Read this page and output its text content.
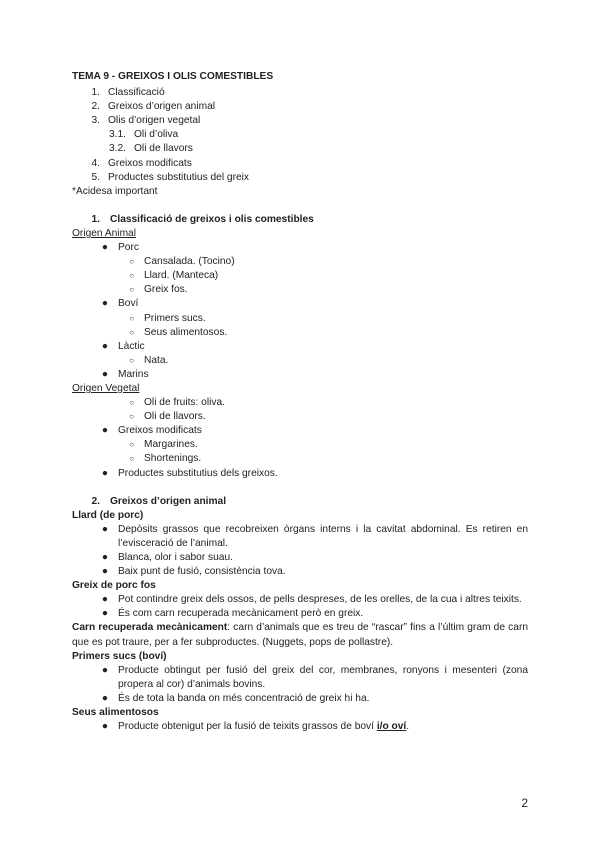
TEMA 9 - GREIXOS I OLIS COMESTIBLES
1. Classificació
2. Greixos d’origen animal
3. Olis d’origen vegetal
3.1. Oli d’oliva
3.2. Oli de llavors
4. Greixos modificats
5. Productes substitutius del greix
*Acidesa important
1. Classificació de greixos i olis comestibles
Origen Animal
● Porc
○ Cansalada. (Tocino)
○ Llard. (Manteca)
○ Greix fos.
● Boví
○ Primers sucs.
○ Seus alimentosos.
● Làctic
○ Nata.
● Marins
Origen Vegetal
○ Oli de fruits: oliva.
○ Oli de llavors.
● Greixos modificats
○ Margarines.
○ Shortenings.
● Productes substitutius dels greixos.
2. Greixos d’origen animal
Llard (de porc)
● Depòsits grassos que recobreixen òrgans interns i la cavitat abdominal. Es retiren en l’evisceració de l’animal.
● Blanca, olor i sabor suau.
● Baix punt de fusió, consistència tova.
Greix de porc fos
● Pot contindre greix dels ossos, de pells despreses, de les orelles, de la cua i altres teixits.
● És com carn recuperada mecànicament però en greix.
Carn recuperada mecànicament: carn d’animals que es treu de “rascar” fins a l’últim gram de carn que es pot traure, per a fer subproductes. (Nuggets, pops de pollastre).
Primers sucs (boví)
● Producte obtingut per fusió del greix del cor, membranes, ronyons i mesenteri (zona propera al cor) d’animals bovins.
● És de tota la banda on més concentració de greix hi ha.
Seus alimentosos
● Producte obtenigut per la fusió de teixits grassos de boví i/o oví.
2
